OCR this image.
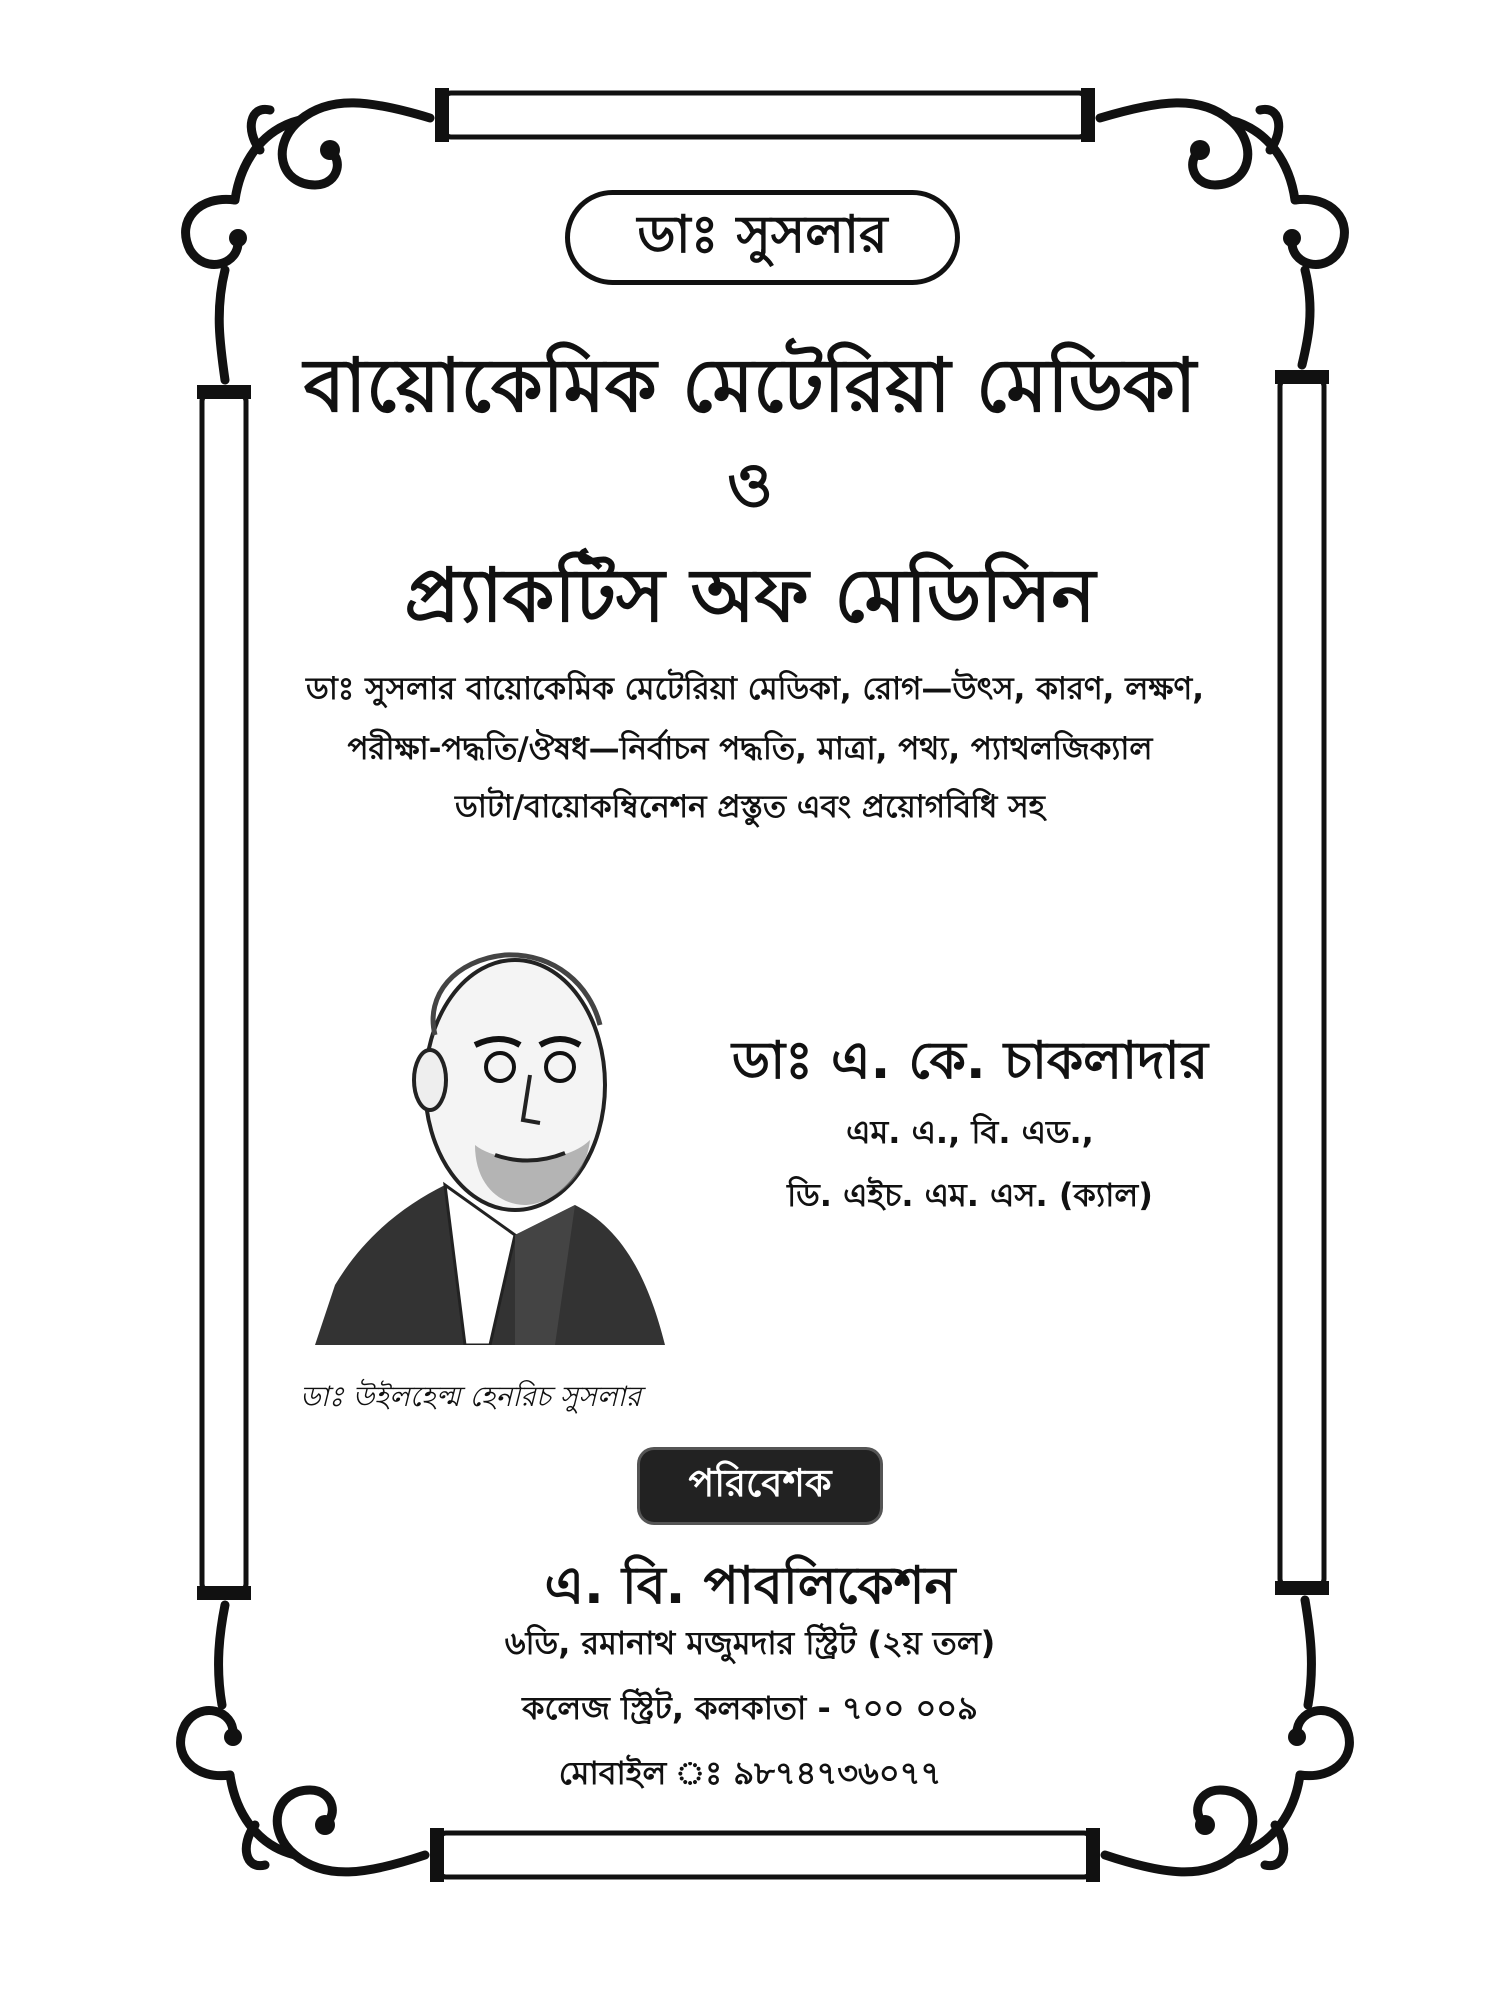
ডাঃ সুসলার
বায়োকেমিক মেটেরিয়া মেডিকা
ও
প্র্যাকটিস অফ মেডিসিন
ডাঃ সুসলার বায়োকেমিক মেটেরিয়া মেডিকা, রোগ—উৎস, কারণ, লক্ষণ,
পরীক্ষা-পদ্ধতি/ঔষধ—নির্বাচন পদ্ধতি, মাত্রা, পথ্য, প্যাথলজিক্যাল
ডাটা/বায়োকম্বিনেশন প্রস্তুত এবং প্রয়োগবিধি সহ
ডাঃ উইলহেল্ম হেনরিচ সুসলার
ডাঃ এ. কে. চাকলাদার
এম. এ., বি. এড.,
ডি. এইচ. এম. এস. (ক্যাল)
পরিবেশক
এ. বি. পাবলিকেশন
৬ডি, রমানাথ মজুমদার স্ট্রিট (২য় তল)
কলেজ স্ট্রিট, কলকাতা - ৭০০ ০০৯
মোবাইল ঃ ৯৮৭৪৭৩৬০৭৭
